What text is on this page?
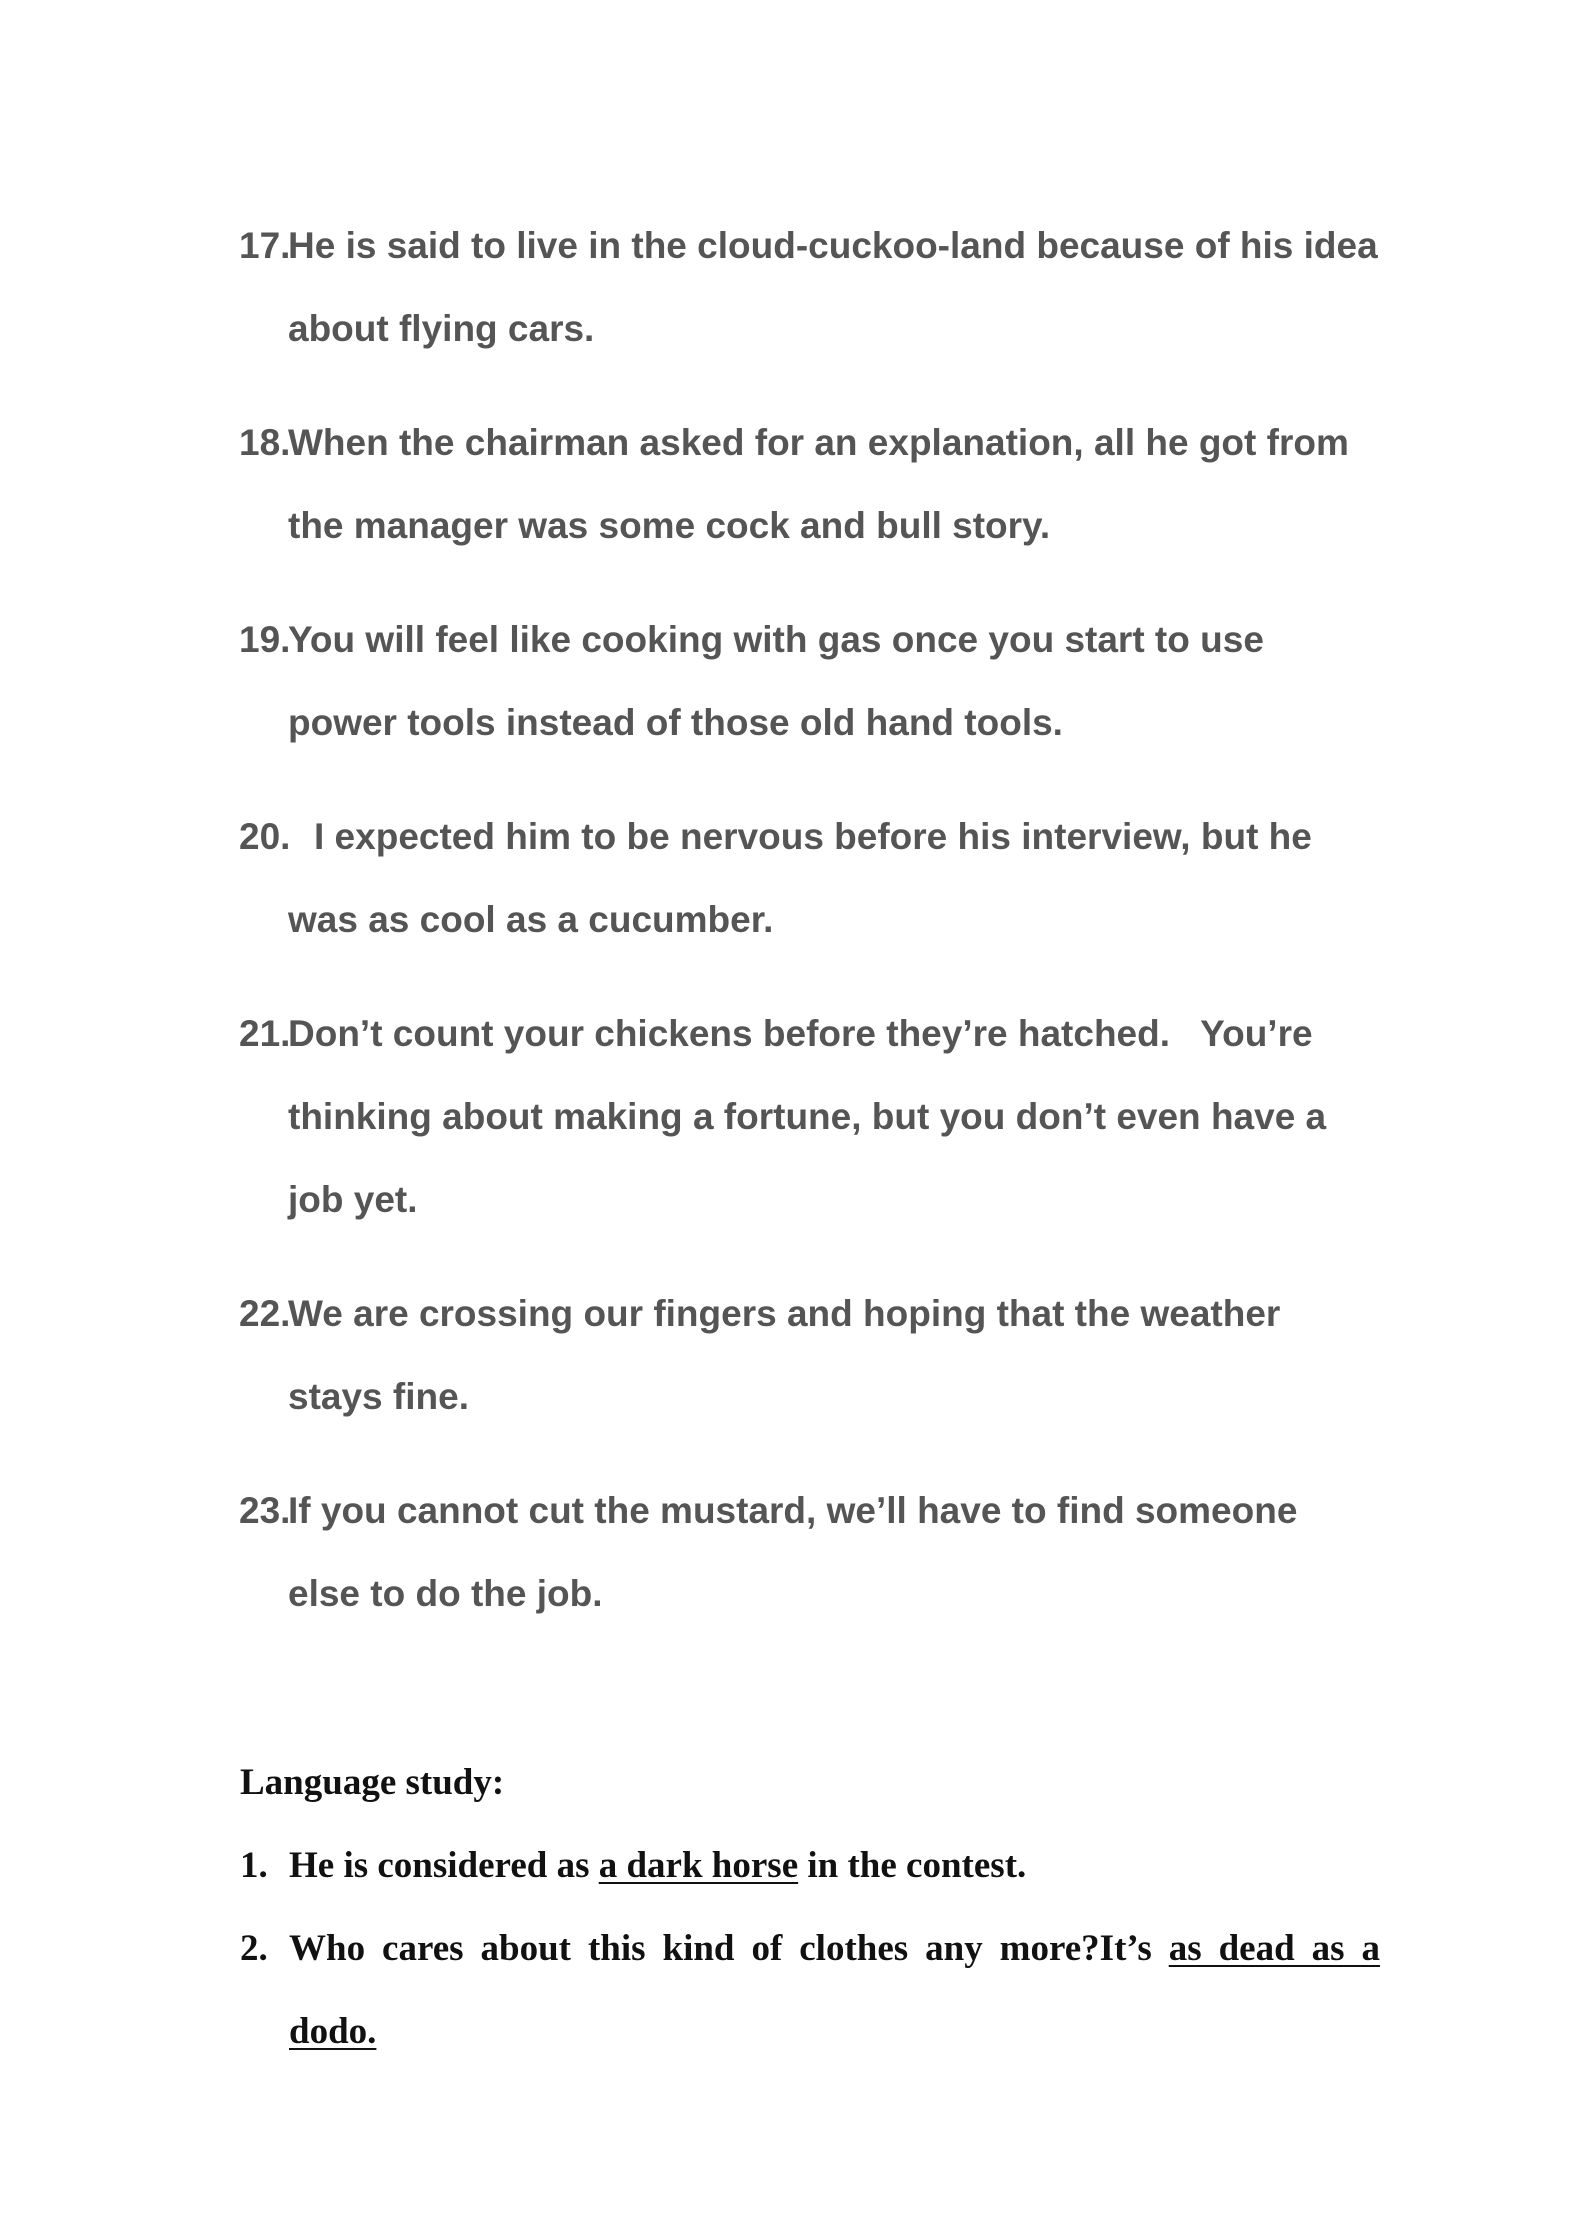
17.
He is said to live in the cloud-cuckoo-land because of his idea about flying cars.
18.
When the chairman asked for an explanation, all he got from the manager was some cock and bull story.
19.
You will feel like cooking with gas once you start to use power tools instead of those old hand tools.
20. I expected him to be nervous before his interview, but he was as cool as a cucumber.
21.
Don’t count your chickens before they’re hatched.   You’re thinking about making a fortune, but you don’t even have a job yet.
22.
We are crossing our fingers and hoping that the weather stays fine.
23.
If you cannot cut the mustard, we’ll have to find someone else to do the job.
Language study:
1. He is considered as a dark horse in the contest.
2. Who cares about this kind of clothes any more?It’s as dead as a dodo.
